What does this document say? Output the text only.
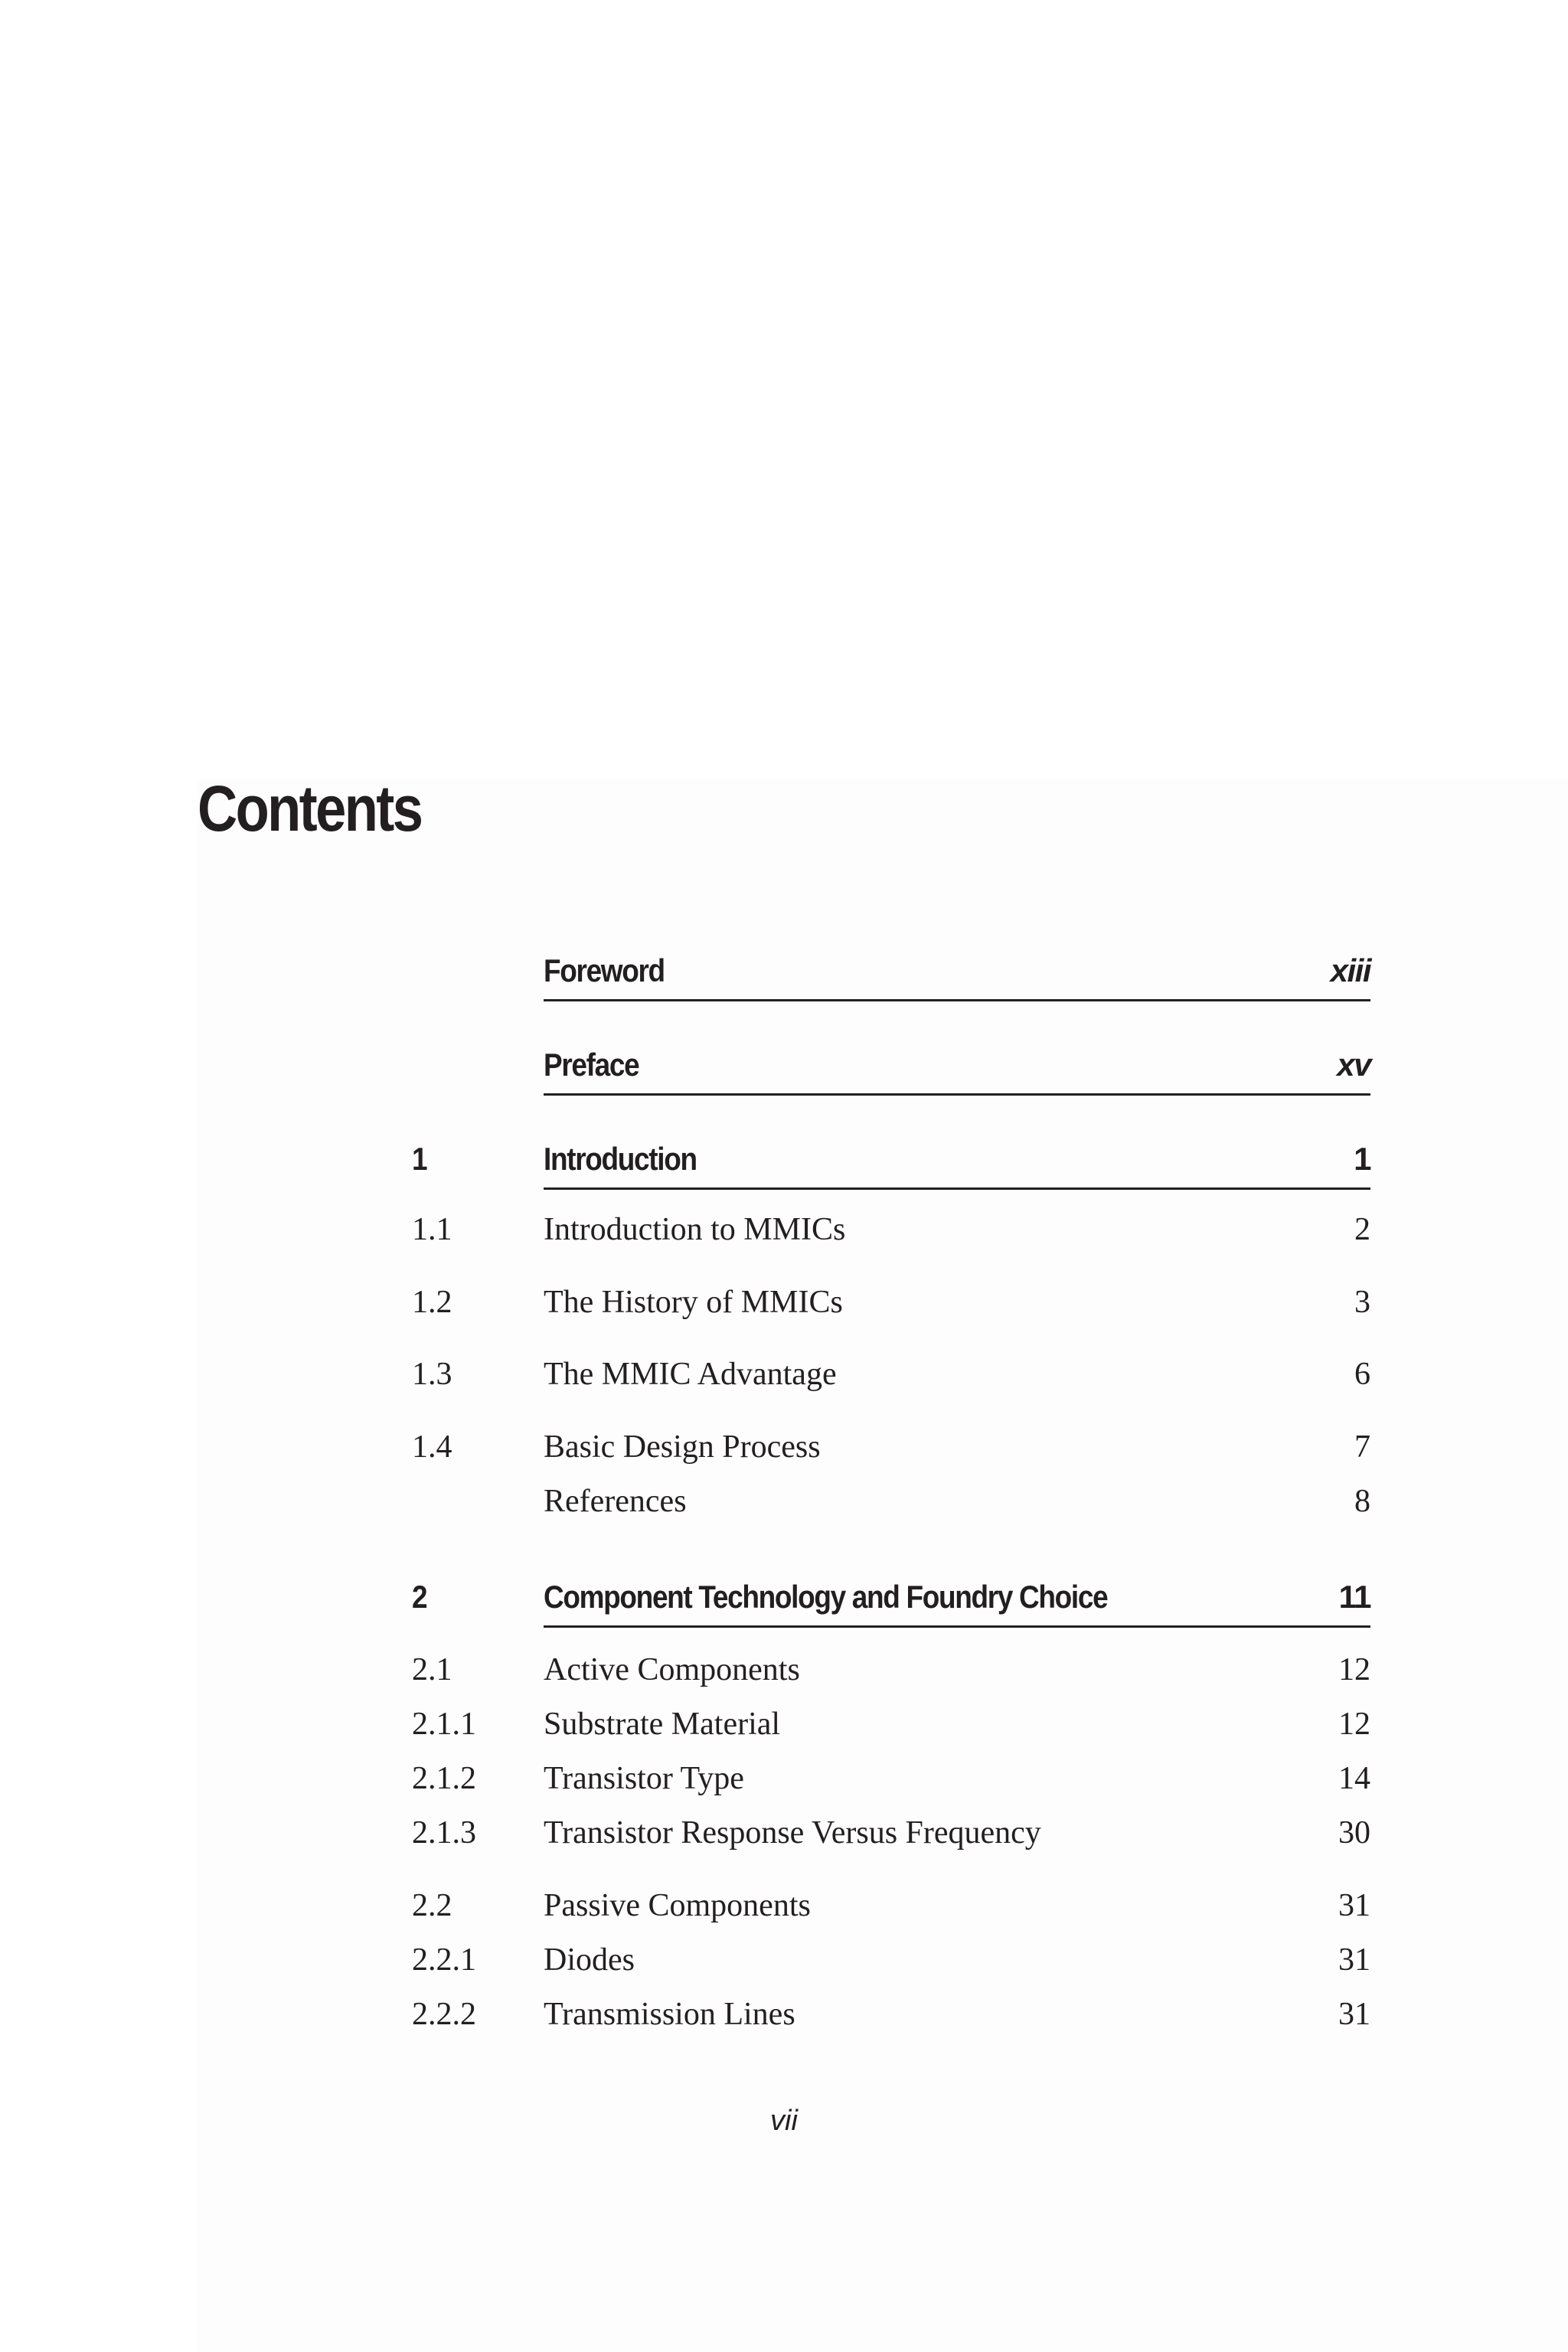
Contents
Foreword	xiii
Preface	xv
1	Introduction	1
1.1	Introduction to MMICs	2
1.2	The History of MMICs	3
1.3	The MMIC Advantage	6
1.4	Basic Design Process	7
References	8
2	Component Technology and Foundry Choice	11
2.1	Active Components	12
2.1.1 Substrate Material	12
2.1.2 Transistor Type	14
2.1.3 Transistor Response Versus Frequency	30
2.2	Passive Components	31
2.2.1 Diodes	31
2.2.2 Transmission Lines	31
vii
